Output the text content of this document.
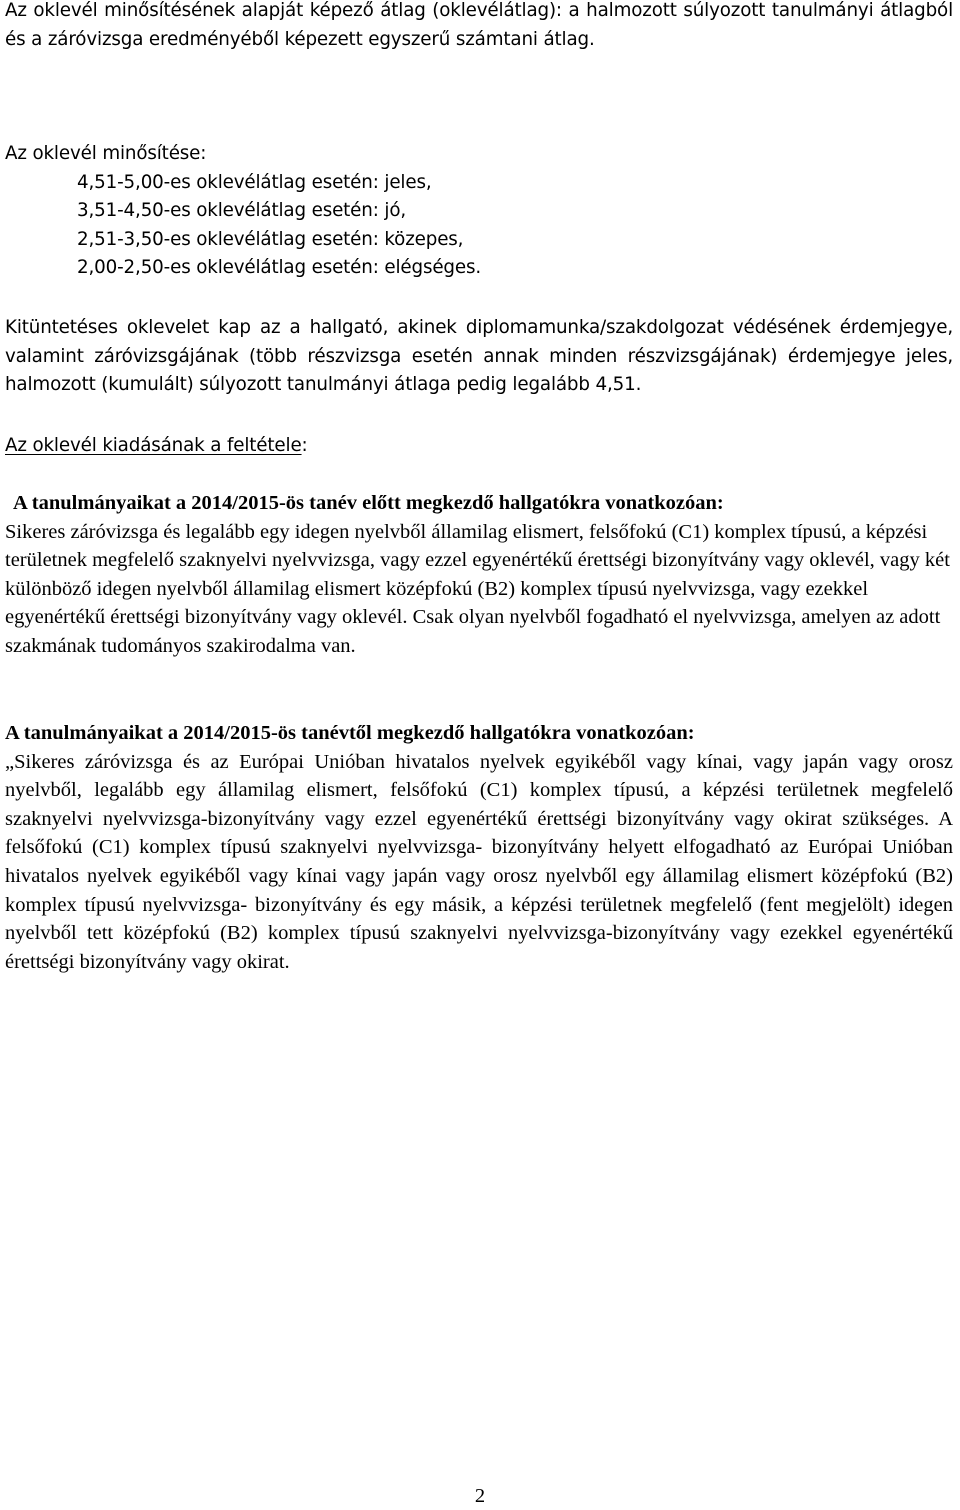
Az oklevél minősítésének alapját képező átlag (oklevélátlag): a halmozott súlyozott tanulmányi átlagból és a záróvizsga eredményéből képezett egyszerű számtani átlag.

Az oklevél minősítése:

4,51-5,00-es oklevélátlag esetén: jeles,

3,51-4,50-es oklevélátlag esetén: jó,

2,51-3,50-es oklevélátlag esetén: közepes,

2,00-2,50-es oklevélátlag esetén: elégséges.

Kitüntetéses oklevelet kap az a hallgató, akinek diplomamunka/szakdolgozat védésének érdemjegye, valamint záróvizsgájának (több részvizsga esetén annak minden részvizsgájának) érdemjegye jeles, halmozott (kumulált) súlyozott tanulmányi átlaga pedig legalább 4,51.

Az oklevél kiadásának a feltétele:

A tanulmányaikat a 2014/2015-ös tanév előtt megkezdő hallgatókra vonatkozóan:

Sikeres záróvizsga és legalább egy idegen nyelvből államilag elismert, felsőfokú (C1) komplex típusú, a képzési területnek megfelelő szaknyelvi nyelvvizsga, vagy ezzel egyenértékű érettségi bizonyítvány vagy oklevél, vagy két különböző idegen nyelvből államilag elismert középfokú (B2) komplex típusú nyelvvizsga, vagy ezekkel egyenértékű érettségi bizonyítvány vagy oklevél. Csak olyan nyelvből fogadható el nyelvvizsga, amelyen az adott szakmának tudományos szakirodalma van.

A tanulmányaikat a 2014/2015-ös tanévtől megkezdő hallgatókra vonatkozóan:

„Sikeres záróvizsga és az Európai Unióban hivatalos nyelvek egyikéből vagy kínai, vagy japán vagy orosz nyelvből, legalább egy államilag elismert, felsőfokú (C1) komplex típusú, a képzési területnek megfelelő szaknyelvi nyelvvizsga-bizonyítvány vagy ezzel egyenértékű érettségi bizonyítvány vagy okirat szükséges. A felsőfokú (C1) komplex típusú szaknyelvi nyelvvizsga- bizonyítvány helyett elfogadható az Európai Unióban hivatalos nyelvek egyikéből vagy kínai vagy japán vagy orosz nyelvből egy államilag elismert középfokú (B2) komplex típusú nyelvvizsga- bizonyítvány és egy másik, a képzési területnek megfelelő (fent megjelölt) idegen nyelvből tett középfokú (B2) komplex típusú szaknyelvi nyelvvizsga-bizonyítvány vagy ezekkel egyenértékű érettségi bizonyítvány vagy okirat.

2
